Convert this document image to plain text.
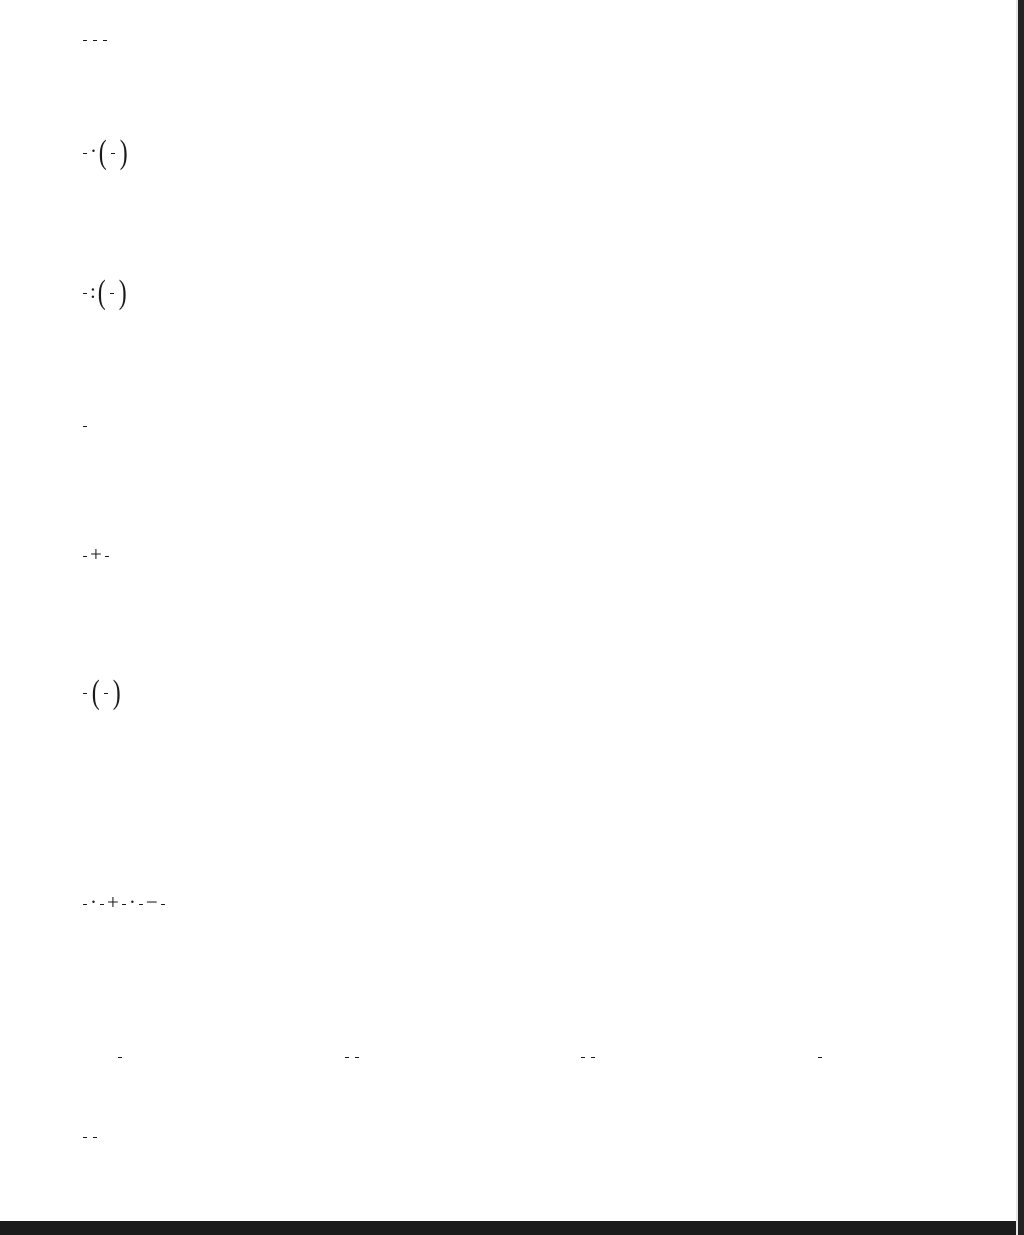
·( )
:( )
+
( )
· + · −
